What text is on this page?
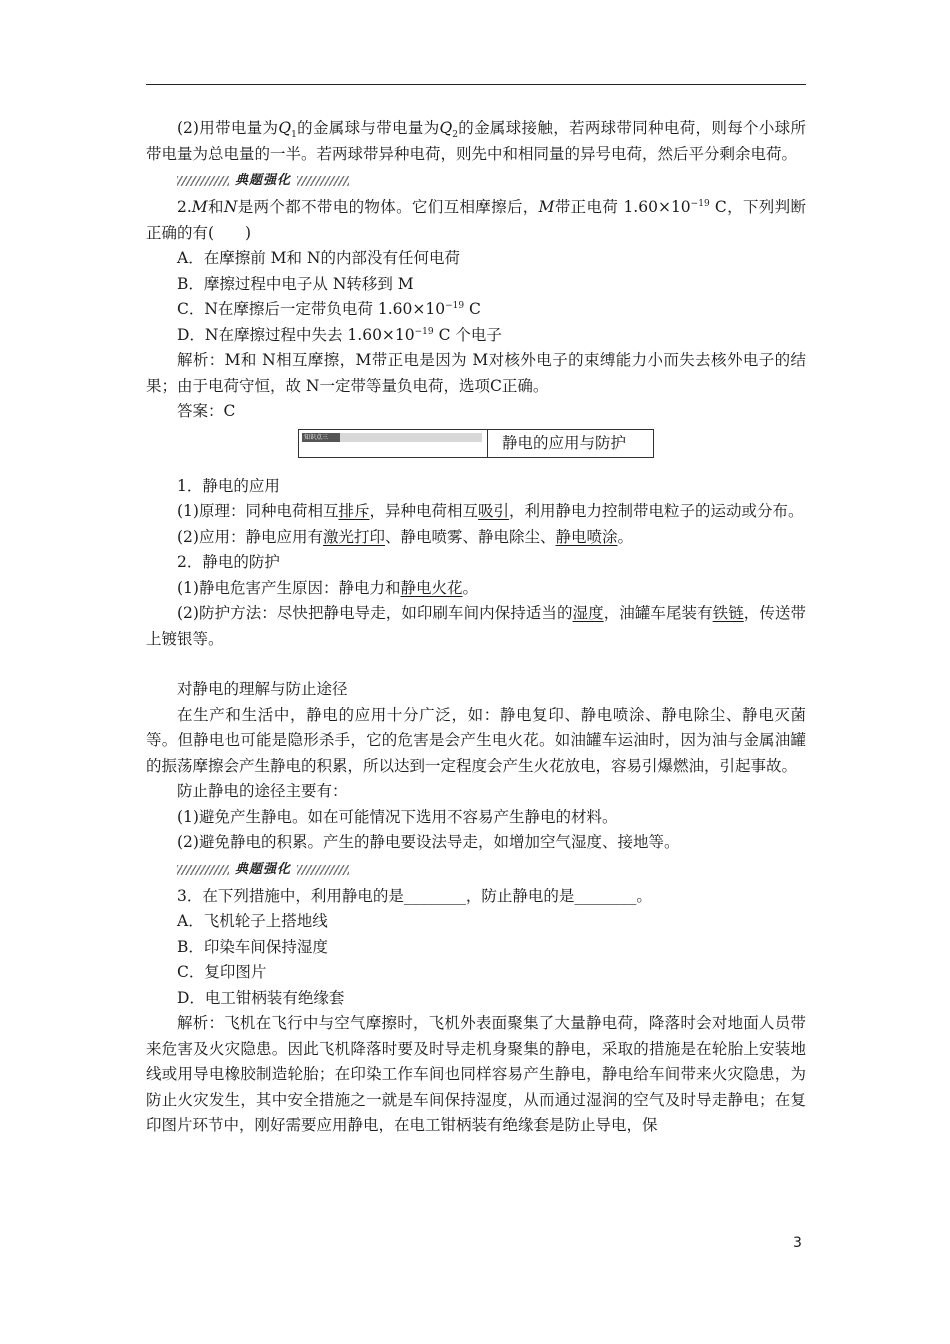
(2)用带电量为$Q_1$的金属球与带电量为$Q_2$的金属球接触，若两球带同种电荷，则每个小球所带电量为总电量的一半。若两球带异种电荷，则先中和相同量的异号电荷，然后平分剩余电荷。

典题强化

2.M和N是两个都不带电的物体。它们互相摩擦后，M带正电荷 $1.60\times 10^{-19}$ C，下列判断正确的有(　　)

A．在摩擦前 M和 N的内部没有任何电荷

B．摩擦过程中电子从 N转移到 M

C．N在摩擦后一定带负电荷 $1.60\times 10^{-19}$ C

D．N在摩擦过程中失去 $1.60\times 10^{-19}$ C 个电子

解析：M和 N相互摩擦，M带正电是因为 M对核外电子的束缚能力小而失去核外电子的结果；由于电荷守恒，故 N一定带等量负电荷，选项C正确。

答案：C

知识点三	静电的应用与防护

1．静电的应用

(1)原理：同种电荷相互排斥，异种电荷相互吸引，利用静电力控制带电粒子的运动或分布。

(2)应用：静电应用有激光打印、静电喷雾、静电除尘、静电喷涂。

2．静电的防护

(1)静电危害产生原因：静电力和静电火花。

(2)防护方法：尽快把静电导走，如印刷车间内保持适当的湿度，油罐车尾装有铁链，传送带上镀银等。

对静电的理解与防止途径

在生产和生活中，静电的应用十分广泛，如：静电复印、静电喷涂、静电除尘、静电灭菌等。但静电也可能是隐形杀手，它的危害是会产生电火花。如油罐车运油时，因为油与金属油罐的振荡摩擦会产生静电的积累，所以达到一定程度会产生火花放电，容易引爆燃油，引起事故。

防止静电的途径主要有：

(1)避免产生静电。如在可能情况下选用不容易产生静电的材料。

(2)避免静电的积累。产生的静电要设法导走，如增加空气湿度、接地等。

典题强化

3．在下列措施中，利用静电的是________，防止静电的是________。

A．飞机轮子上搭地线

B．印染车间保持湿度

C．复印图片

D．电工钳柄装有绝缘套

解析：飞机在飞行中与空气摩擦时，飞机外表面聚集了大量静电荷，降落时会对地面人员带来危害及火灾隐患。因此飞机降落时要及时导走机身聚集的静电，采取的措施是在轮胎上安装地线或用导电橡胶制造轮胎；在印染工作车间也同样容易产生静电，静电给车间带来火灾隐患，为防止火灾发生，其中安全措施之一就是车间保持湿度，从而通过湿润的空气及时导走静电；在复印图片环节中，刚好需要应用静电，在电工钳柄装有绝缘套是防止导电，保

3
